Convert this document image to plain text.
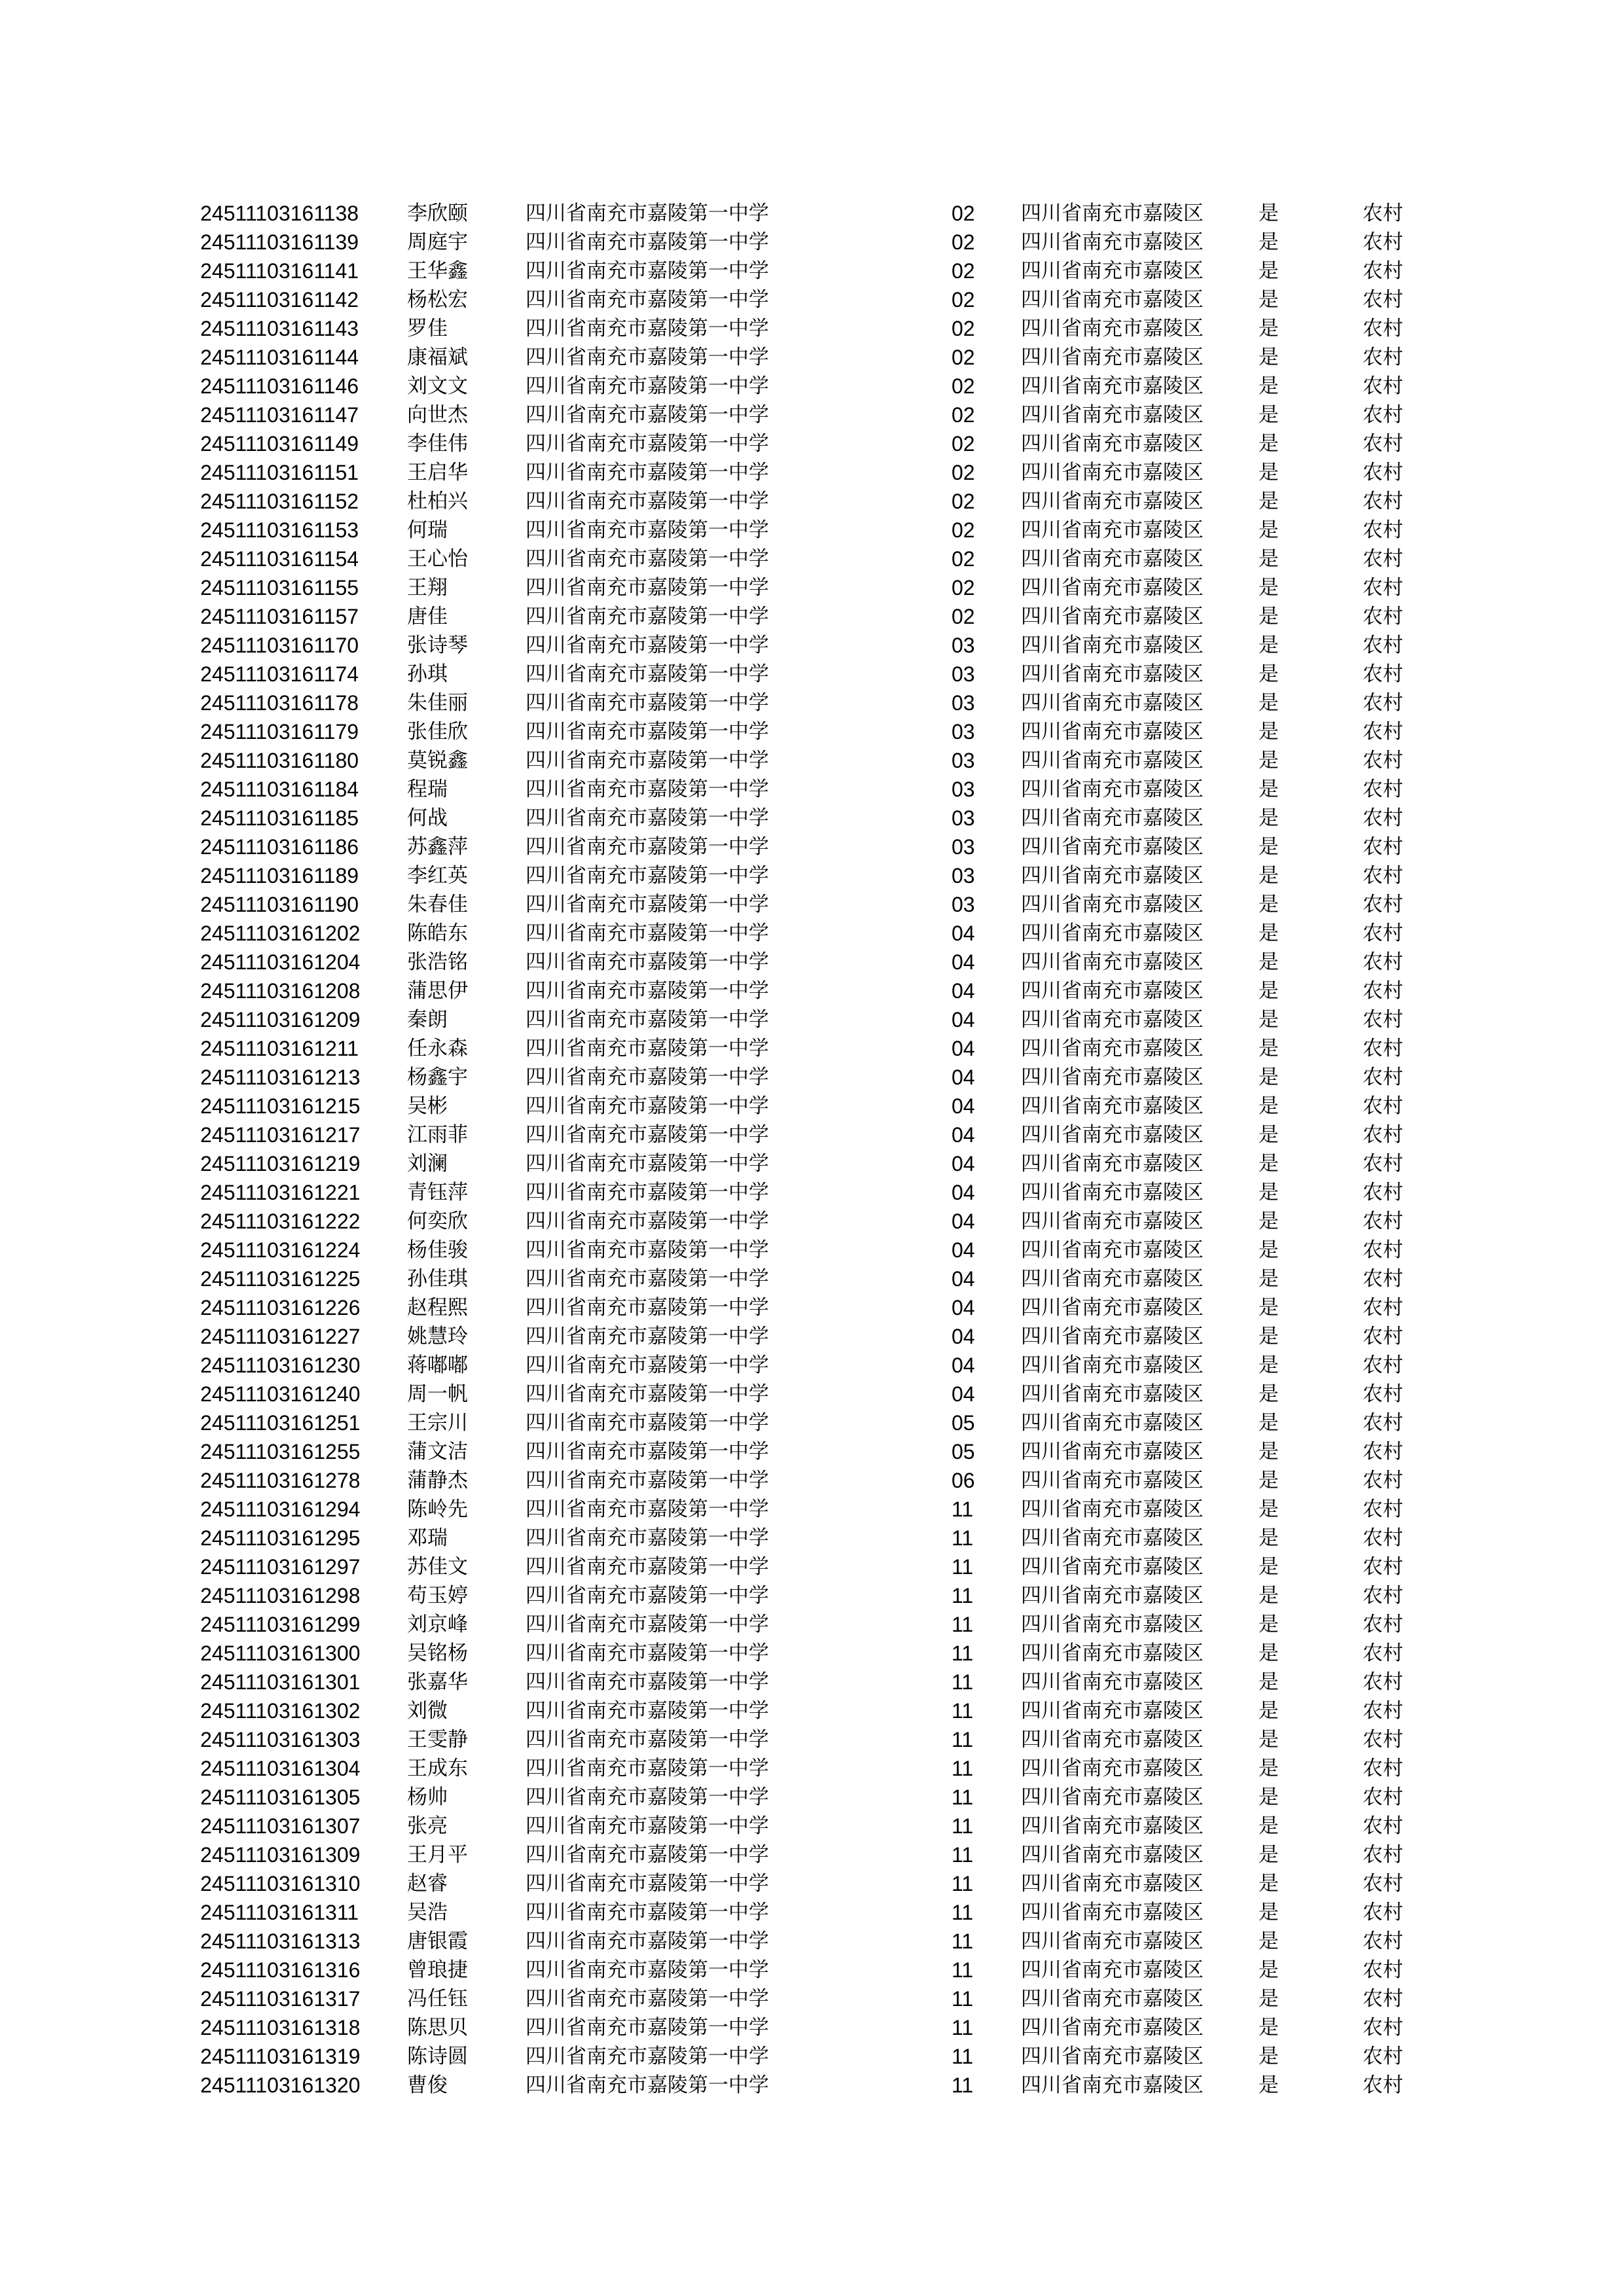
24511103161138 李欣颐	四川省南充市嘉陵第一中学	02 四川省南充市嘉陵区	是	农村
24511103161139 周庭宇	四川省南充市嘉陵第一中学	02 四川省南充市嘉陵区	是	农村
24511103161141 王华鑫	四川省南充市嘉陵第一中学	02 四川省南充市嘉陵区	是	农村
24511103161142 杨松宏	四川省南充市嘉陵第一中学	02 四川省南充市嘉陵区	是	农村
24511103161143 罗佳	四川省南充市嘉陵第一中学	02 四川省南充市嘉陵区	是	农村
24511103161144 康福斌	四川省南充市嘉陵第一中学	02 四川省南充市嘉陵区	是	农村
24511103161146 刘文文	四川省南充市嘉陵第一中学	02 四川省南充市嘉陵区	是	农村
24511103161147 向世杰	四川省南充市嘉陵第一中学	02 四川省南充市嘉陵区	是	农村
24511103161149 李佳伟	四川省南充市嘉陵第一中学	02 四川省南充市嘉陵区	是	农村
24511103161151 王启华	四川省南充市嘉陵第一中学	02 四川省南充市嘉陵区	是	农村
24511103161152 杜柏兴	四川省南充市嘉陵第一中学	02 四川省南充市嘉陵区	是	农村
24511103161153 何瑞	四川省南充市嘉陵第一中学	02 四川省南充市嘉陵区	是	农村
24511103161154 王心怡	四川省南充市嘉陵第一中学	02 四川省南充市嘉陵区	是	农村
24511103161155 王翔	四川省南充市嘉陵第一中学	02 四川省南充市嘉陵区	是	农村
24511103161157 唐佳	四川省南充市嘉陵第一中学	02 四川省南充市嘉陵区	是	农村
24511103161170 张诗琴	四川省南充市嘉陵第一中学	03 四川省南充市嘉陵区	是	农村
24511103161174 孙琪	四川省南充市嘉陵第一中学	03 四川省南充市嘉陵区	是	农村
24511103161178 朱佳丽	四川省南充市嘉陵第一中学	03 四川省南充市嘉陵区	是	农村
24511103161179 张佳欣	四川省南充市嘉陵第一中学	03 四川省南充市嘉陵区	是	农村
24511103161180 莫锐鑫	四川省南充市嘉陵第一中学	03 四川省南充市嘉陵区	是	农村
24511103161184 程瑞	四川省南充市嘉陵第一中学	03 四川省南充市嘉陵区	是	农村
24511103161185 何战	四川省南充市嘉陵第一中学	03 四川省南充市嘉陵区	是	农村
24511103161186 苏鑫萍	四川省南充市嘉陵第一中学	03 四川省南充市嘉陵区	是	农村
24511103161189 李红英	四川省南充市嘉陵第一中学	03 四川省南充市嘉陵区	是	农村
24511103161190 朱春佳	四川省南充市嘉陵第一中学	03 四川省南充市嘉陵区	是	农村
24511103161202 陈皓东	四川省南充市嘉陵第一中学	04 四川省南充市嘉陵区	是	农村
24511103161204 张浩铭	四川省南充市嘉陵第一中学	04 四川省南充市嘉陵区	是	农村
24511103161208 蒲思伊	四川省南充市嘉陵第一中学	04 四川省南充市嘉陵区	是	农村
24511103161209 秦朗	四川省南充市嘉陵第一中学	04 四川省南充市嘉陵区	是	农村
24511103161211 任永森	四川省南充市嘉陵第一中学	04 四川省南充市嘉陵区	是	农村
24511103161213 杨鑫宇	四川省南充市嘉陵第一中学	04 四川省南充市嘉陵区	是	农村
24511103161215 吴彬	四川省南充市嘉陵第一中学	04 四川省南充市嘉陵区	是	农村
24511103161217 江雨菲	四川省南充市嘉陵第一中学	04 四川省南充市嘉陵区	是	农村
24511103161219 刘澜	四川省南充市嘉陵第一中学	04 四川省南充市嘉陵区	是	农村
24511103161221 青钰萍	四川省南充市嘉陵第一中学	04 四川省南充市嘉陵区	是	农村
24511103161222 何奕欣	四川省南充市嘉陵第一中学	04 四川省南充市嘉陵区	是	农村
24511103161224 杨佳骏	四川省南充市嘉陵第一中学	04 四川省南充市嘉陵区	是	农村
24511103161225 孙佳琪	四川省南充市嘉陵第一中学	04 四川省南充市嘉陵区	是	农村
24511103161226 赵程熙	四川省南充市嘉陵第一中学	04 四川省南充市嘉陵区	是	农村
24511103161227 姚慧玲	四川省南充市嘉陵第一中学	04 四川省南充市嘉陵区	是	农村
24511103161230 蒋嘟嘟	四川省南充市嘉陵第一中学	04 四川省南充市嘉陵区	是	农村
24511103161240 周一帆	四川省南充市嘉陵第一中学	04 四川省南充市嘉陵区	是	农村
24511103161251 王宗川	四川省南充市嘉陵第一中学	05 四川省南充市嘉陵区	是	农村
24511103161255 蒲文洁	四川省南充市嘉陵第一中学	05 四川省南充市嘉陵区	是	农村
24511103161278 蒲静杰	四川省南充市嘉陵第一中学	06 四川省南充市嘉陵区	是	农村
24511103161294 陈岭先	四川省南充市嘉陵第一中学	11 四川省南充市嘉陵区	是	农村
24511103161295 邓瑞	四川省南充市嘉陵第一中学	11 四川省南充市嘉陵区	是	农村
24511103161297 苏佳文	四川省南充市嘉陵第一中学	11 四川省南充市嘉陵区	是	农村
24511103161298 苟玉婷	四川省南充市嘉陵第一中学	11 四川省南充市嘉陵区	是	农村
24511103161299 刘京峰	四川省南充市嘉陵第一中学	11 四川省南充市嘉陵区	是	农村
24511103161300 吴铭杨	四川省南充市嘉陵第一中学	11 四川省南充市嘉陵区	是	农村
24511103161301 张嘉华	四川省南充市嘉陵第一中学	11 四川省南充市嘉陵区	是	农村
24511103161302 刘微	四川省南充市嘉陵第一中学	11 四川省南充市嘉陵区	是	农村
24511103161303 王雯静	四川省南充市嘉陵第一中学	11 四川省南充市嘉陵区	是	农村
24511103161304 王成东	四川省南充市嘉陵第一中学	11 四川省南充市嘉陵区	是	农村
24511103161305 杨帅	四川省南充市嘉陵第一中学	11 四川省南充市嘉陵区	是	农村
24511103161307 张亮	四川省南充市嘉陵第一中学	11 四川省南充市嘉陵区	是	农村
24511103161309 王月平	四川省南充市嘉陵第一中学	11 四川省南充市嘉陵区	是	农村
24511103161310 赵睿	四川省南充市嘉陵第一中学	11 四川省南充市嘉陵区	是	农村
24511103161311 吴浩	四川省南充市嘉陵第一中学	11 四川省南充市嘉陵区	是	农村
24511103161313 唐银霞	四川省南充市嘉陵第一中学	11 四川省南充市嘉陵区	是	农村
24511103161316 曾琅捷	四川省南充市嘉陵第一中学	11 四川省南充市嘉陵区	是	农村
24511103161317 冯任钰	四川省南充市嘉陵第一中学	11 四川省南充市嘉陵区	是	农村
24511103161318 陈思贝	四川省南充市嘉陵第一中学	11 四川省南充市嘉陵区	是	农村
24511103161319 陈诗圆	四川省南充市嘉陵第一中学	11 四川省南充市嘉陵区	是	农村
24511103161320 曹俊	四川省南充市嘉陵第一中学	11 四川省南充市嘉陵区	是	农村
